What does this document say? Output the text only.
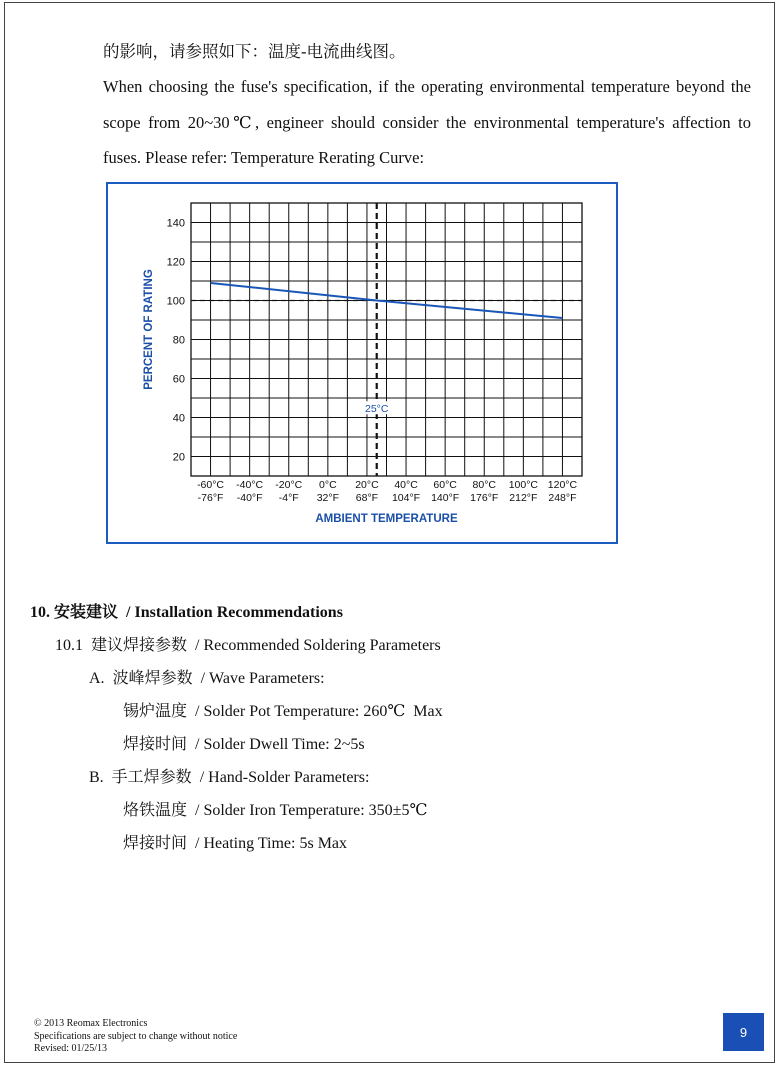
的影响，请参照如下：温度-电流曲线图。
When choosing the fuse's specification, if the operating environmental temperature beyond the scope from 20~30℃, engineer should consider the environmental temperature's affection to fuses. Please refer: Temperature Rerating Curve:
25°C
20
40
60
80
100
120
140
-60°C -40°C -20°C 0°C 20°C 40°C 60°C 80°C 100°C 120°C
-76°F -40°F -4°F 32°F 68°F 104°F 140°F 176°F 212°F 248°F
AMBIENT TEMPERATURE
PERCENT OF RATING
10. 安装建议 / Installation Recommendations
10.1 建议焊接参数 / Recommended Soldering Parameters
A. 波峰焊参数 / Wave Parameters:
锡炉温度 / Solder Pot Temperature: 260℃  Max
焊接时间 / Solder Dwell Time: 2~5s
B. 手工焊参数 / Hand-Solder Parameters:
烙铁温度 / Solder Iron Temperature: 350±5℃
焊接时间 / Heating Time: 5s Max
© 2013 Reomax Electronics
Specifications are subject to change without notice
Revised: 01/25/13
9
